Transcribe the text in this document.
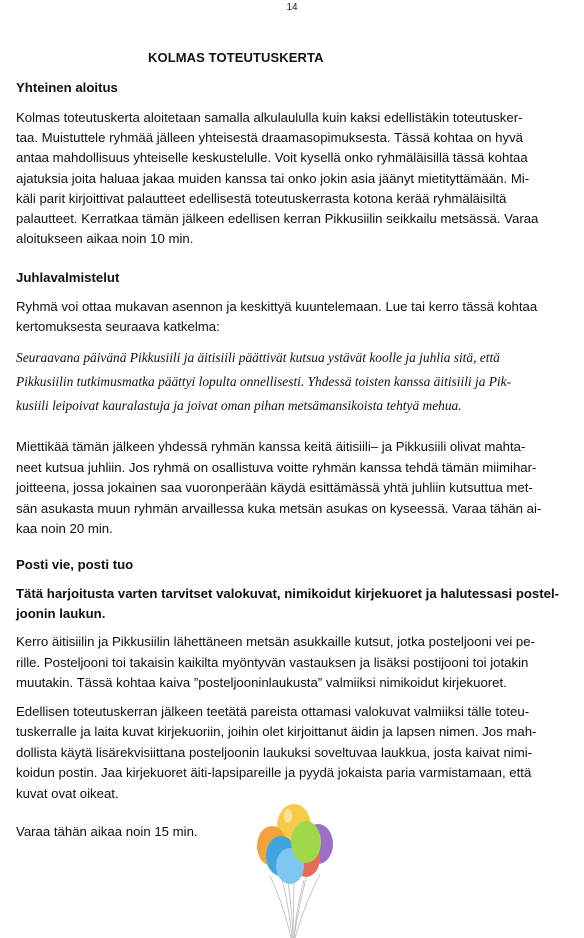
14
KOLMAS TOTEUTUSKERTA
Yhteinen aloitus
Kolmas toteutuskerta aloitetaan samalla alkulaululla kuin kaksi edellistäkin toteutusker-
taa. Muistuttele ryhmää jälleen yhteisestä draamasopimuksesta. Tässä kohtaa on hyvä
antaa mahdollisuus yhteiselle keskustelulle. Voit kysellä onko ryhmäläisillä tässä kohtaa
ajatuksia joita haluaa jakaa muiden kanssa tai onko jokin asia jäänyt mietityttämään. Mi-
käli parit kirjoittivat palautteet edellisestä toteutuskerrasta kotona kerää ryhmäläisiltä
palautteet. Kerratkaa tämän jälkeen edellisen kerran Pikkusiilin seikkailu metsässä. Varaa
aloitukseen aikaa noin 10 min.
Juhlavalmistelut
Ryhmä voi ottaa mukavan asennon ja keskittyä kuuntelemaan. Lue tai kerro tässä kohtaa
kertomuksesta seuraava katkelma:
Seuraavana päivänä Pikkusiili ja äitisiili päättivät kutsua ystävät koolle ja juhlia sitä, että
Pikkusiilin tutkimusmatka päättyi lopulta onnellisesti. Yhdessä toisten kanssa äitisiili ja Pik-
kusiili leipoivat kauralastuja ja joivat oman pihan metsämansikoista tehtyä mehua.
Miettikää tämän jälkeen yhdessä ryhmän kanssa keitä äitisiili– ja Pikkusiili olivat mahta-
neet kutsua juhliin. Jos ryhmä on osallistuva voitte ryhmän kanssa tehdä tämän miimihar-
joitteena, jossa jokainen saa vuoronperään käydä esittämässä yhtä juhliin kutsuttua met-
sän asukasta muun ryhmän arvaillessa kuka metsän asukas on kyseessä. Varaa tähän ai-
kaa noin 20 min.
Posti vie, posti tuo
Tätä harjoitusta varten tarvitset valokuvat, nimikoidut kirjekuoret ja halutessasi postel-
joonin laukun.
Kerro äitisiilin ja Pikkusiilin lähettäneen metsän asukkaille kutsut, jotka posteljooni vei pe-
rille. Posteljooni toi takaisin kaikilta myöntyvän vastauksen ja lisäksi postijooni toi jotakin
muutakin. Tässä kohtaa kaiva ”posteljooninlaukusta” valmiiksi nimikoidut kirjekuoret.
Edellisen toteutuskerran jälkeen teetätä pareista ottamasi valokuvat valmiiksi tälle toteu-
tuskerralle ja laita kuvat kirjekuoriin, joihin olet kirjoittanut äidin ja lapsen nimen. Jos mah-
dollista käytä lisärekvisiittana posteljoonin laukuksi soveltuvaa laukkua, josta kaivat nimi-
koidun postin. Jaa kirjekuoret äiti-lapsipareille ja pyydä jokaista paria varmistamaan, että
kuvat ovat oikeat.
Varaa tähän aikaa noin 15 min.
